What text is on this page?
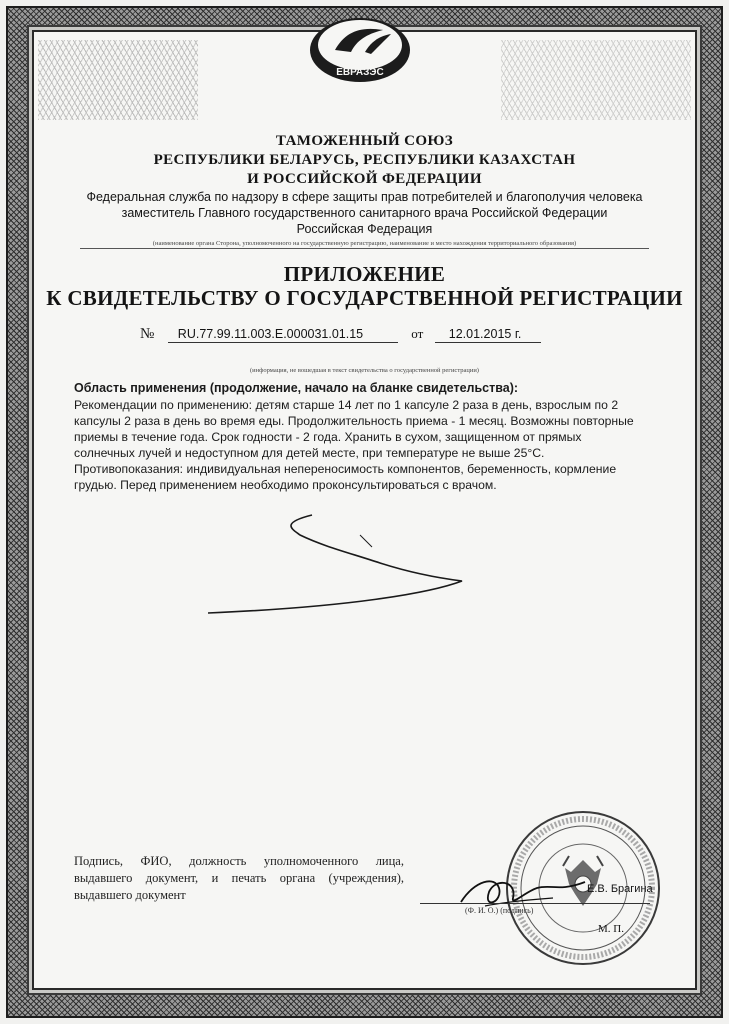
ЕВРАЗЭС
ТАМОЖЕННЫЙ СОЮЗ
РЕСПУБЛИКИ БЕЛАРУСЬ, РЕСПУБЛИКИ КАЗАХСТАН
И РОССИЙСКОЙ ФЕДЕРАЦИИ
Федеральная служба по надзору в сфере защиты прав потребителей и благополучия человека
заместитель Главного государственного санитарного врача Российской Федерации
Российская Федерация
(наименование органа Сторона, уполномоченного на государственную регистрацию, наименование и место нахождения территориального образования)
ПРИЛОЖЕНИЕ
К СВИДЕТЕЛЬСТВУ О ГОСУДАРСТВЕННОЙ РЕГИСТРАЦИИ
№ RU.77.99.11.003.Е.000031.01.15	от 12.01.2015 г.
(информация, не вошедшая в текст свидетельства о государственной регистрации)
Область применения (продолжение, начало на бланке свидетельства):
Рекомендации по применению: детям старше 14 лет по 1 капсуле 2 раза в день, взрослым по 2 капсулы 2 раза в день во время еды. Продолжительность приема - 1 месяц. Возможны повторные приемы в течение года. Срок годности - 2 года. Хранить в сухом, защищенном от прямых солнечных лучей и недоступном для детей месте, при температуре не выше 25°С. Противопоказания: индивидуальная непереносимость компонентов, беременность, кормление грудью. Перед применением необходимо проконсультироваться с врачом.
Подпись, ФИО, должность уполномоченного лица, выдавшего документ, и печать органа (учреждения), выдавшего документ	Е.В. Брагина
(Ф. И. О.) (подпись)
М. П.
